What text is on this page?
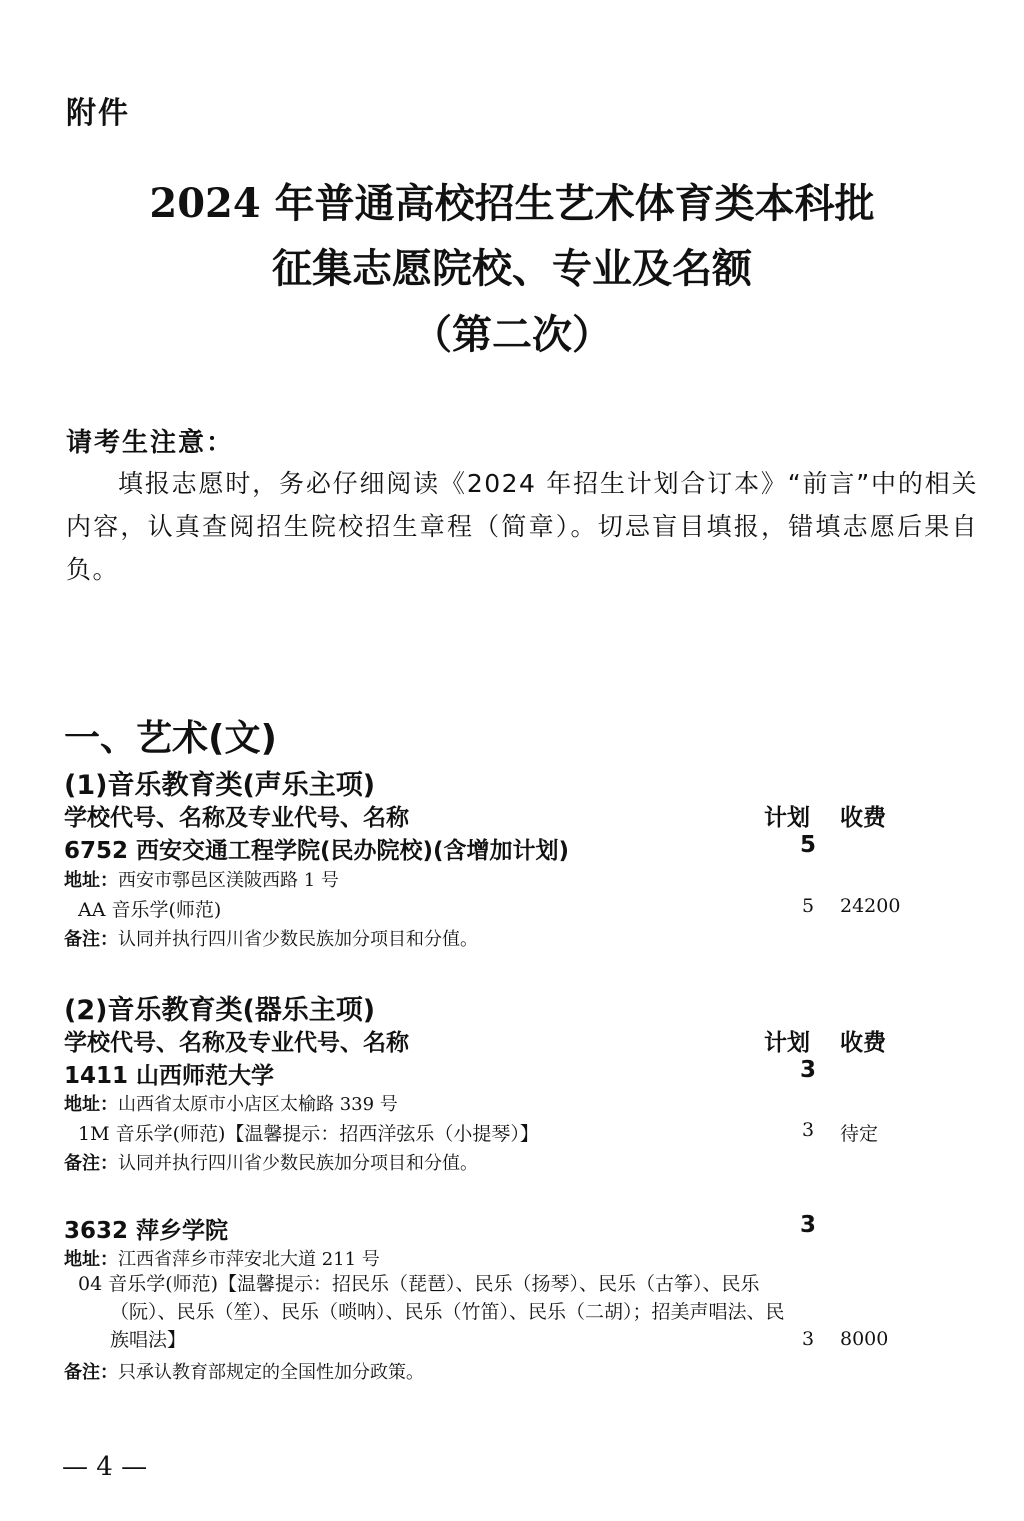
附件
2024 年普通高校招生艺术体育类本科批
征集志愿院校、专业及名额
（第二次）
请考生注意：
填报志愿时，务必仔细阅读《2024 年招生计划合订本》“前言”中的相关内容，认真查阅招生院校招生章程（简章）。切忌盲目填报，错填志愿后果自负。
一、艺术(文)
(1)音乐教育类(声乐主项)
学校代号、名称及专业代号、名称	计划 收费
6752 西安交通工程学院(民办院校)(含增加计划)	5
地址：西安市鄠邑区渼陂西路 1 号
AA 音乐学(师范)	5 24200
备注：认同并执行四川省少数民族加分项目和分值。
(2)音乐教育类(器乐主项)
学校代号、名称及专业代号、名称	计划 收费
1411 山西师范大学	3
地址：山西省太原市小店区太榆路 339 号
1M 音乐学(师范)【温馨提示：招西洋弦乐（小提琴）】	3 待定
备注：认同并执行四川省少数民族加分项目和分值。
3632 萍乡学院	3
地址：江西省萍乡市萍安北大道 211 号
04 音乐学(师范)【温馨提示：招民乐（琵琶）、民乐（扬琴）、民乐（古筝）、民乐（阮）、民乐（笙）、民乐（唢呐）、民乐（竹笛）、民乐（二胡）；招美声唱法、民族唱法】	3 8000
备注：只承认教育部规定的全国性加分政策。
— 4 —
